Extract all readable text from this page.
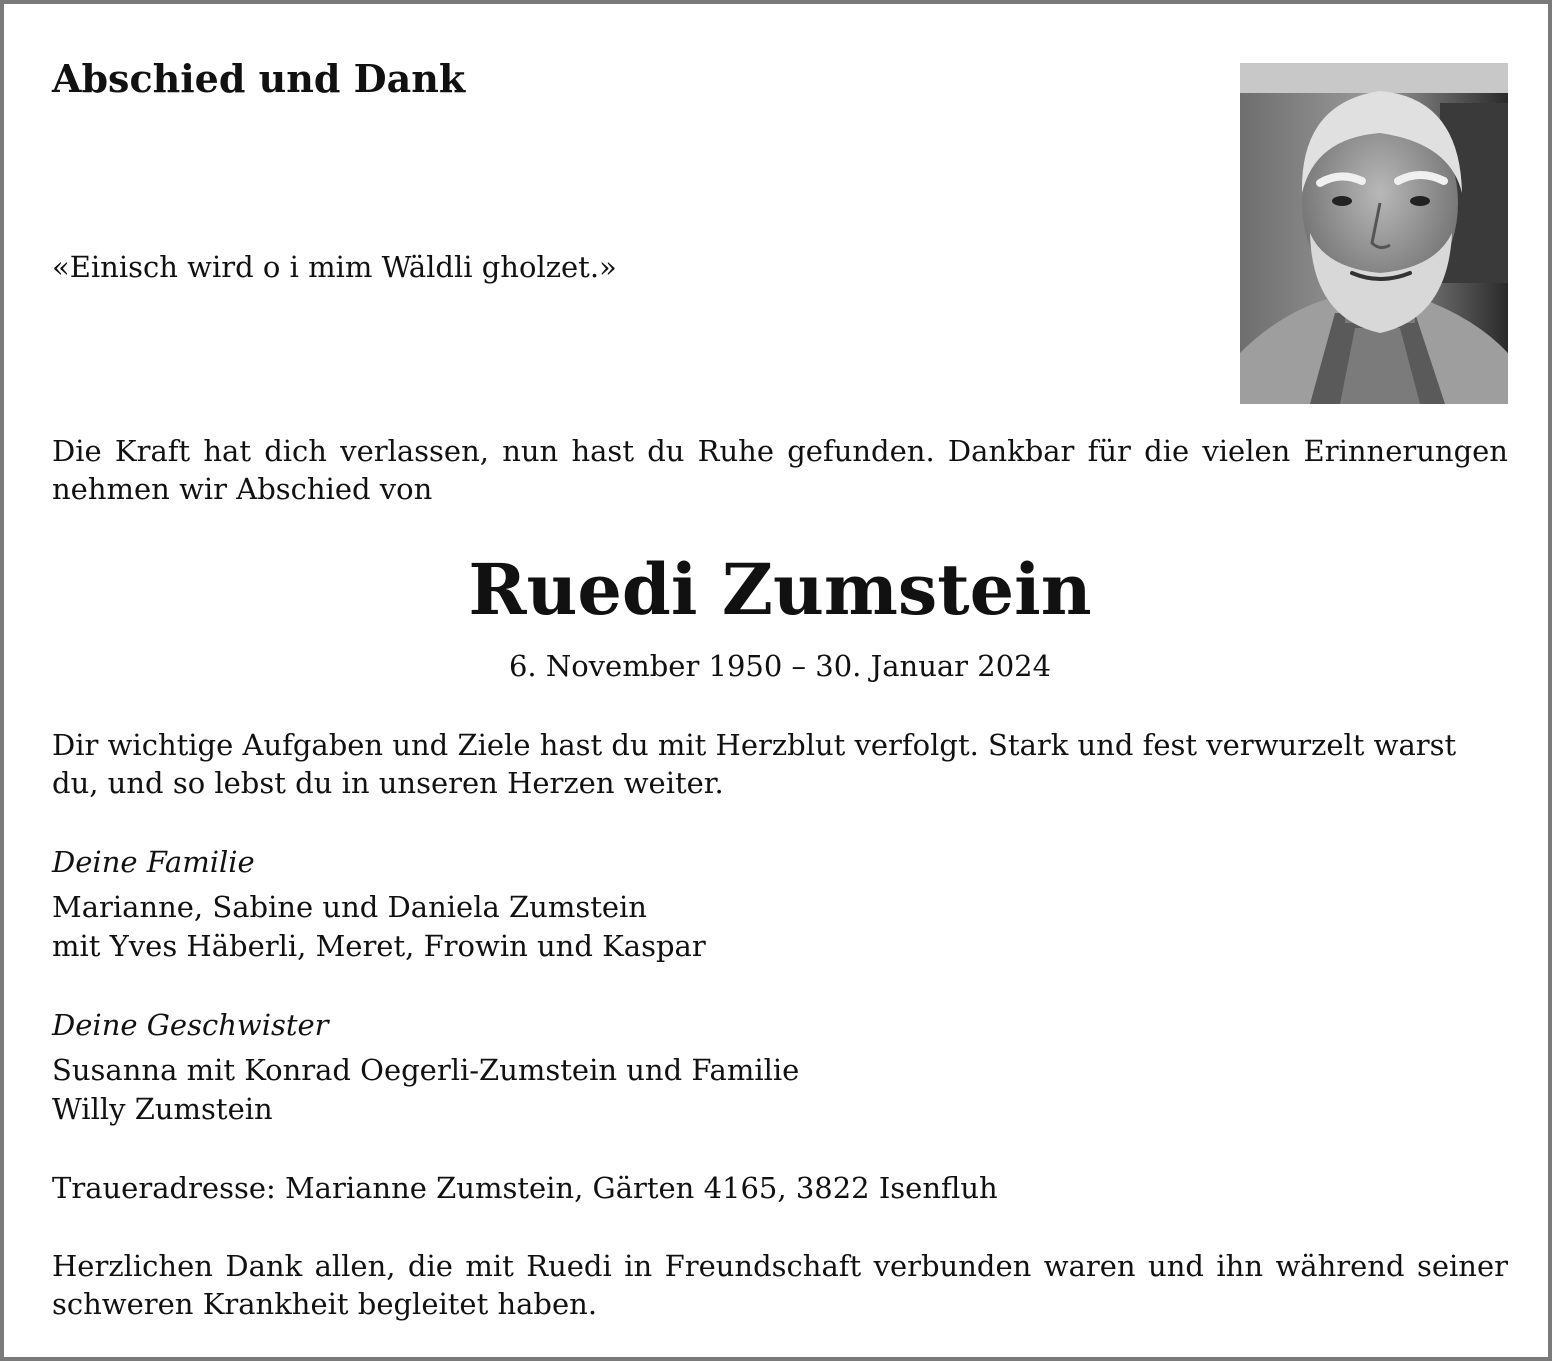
Abschied und Dank
«Einisch wird o i mim Wäldli gholzet.»

Die Kraft hat dich verlassen, nun hast du Ruhe gefunden. Dankbar für die vielen Erinnerungen nehmen wir Abschied von

Ruedi Zumstein
6. November 1950 – 30. Januar 2024

Dir wichtige Aufgaben und Ziele hast du mit Herzblut verfolgt. Stark und fest verwurzelt warst du, und so lebst du in unseren Herzen weiter.

Deine Familie
Marianne, Sabine und Daniela Zumstein
mit Yves Häberli, Meret, Frowin und Kaspar
Deine Geschwister
Susanna mit Konrad Oegerli-Zumstein und Familie
Willy Zumstein
Traueradresse: Marianne Zumstein, Gärten 4165, 3822 Isenfluh

Herzlichen Dank allen, die mit Ruedi in Freundschaft verbunden waren und ihn während seiner schweren Krankheit begleitet haben.
